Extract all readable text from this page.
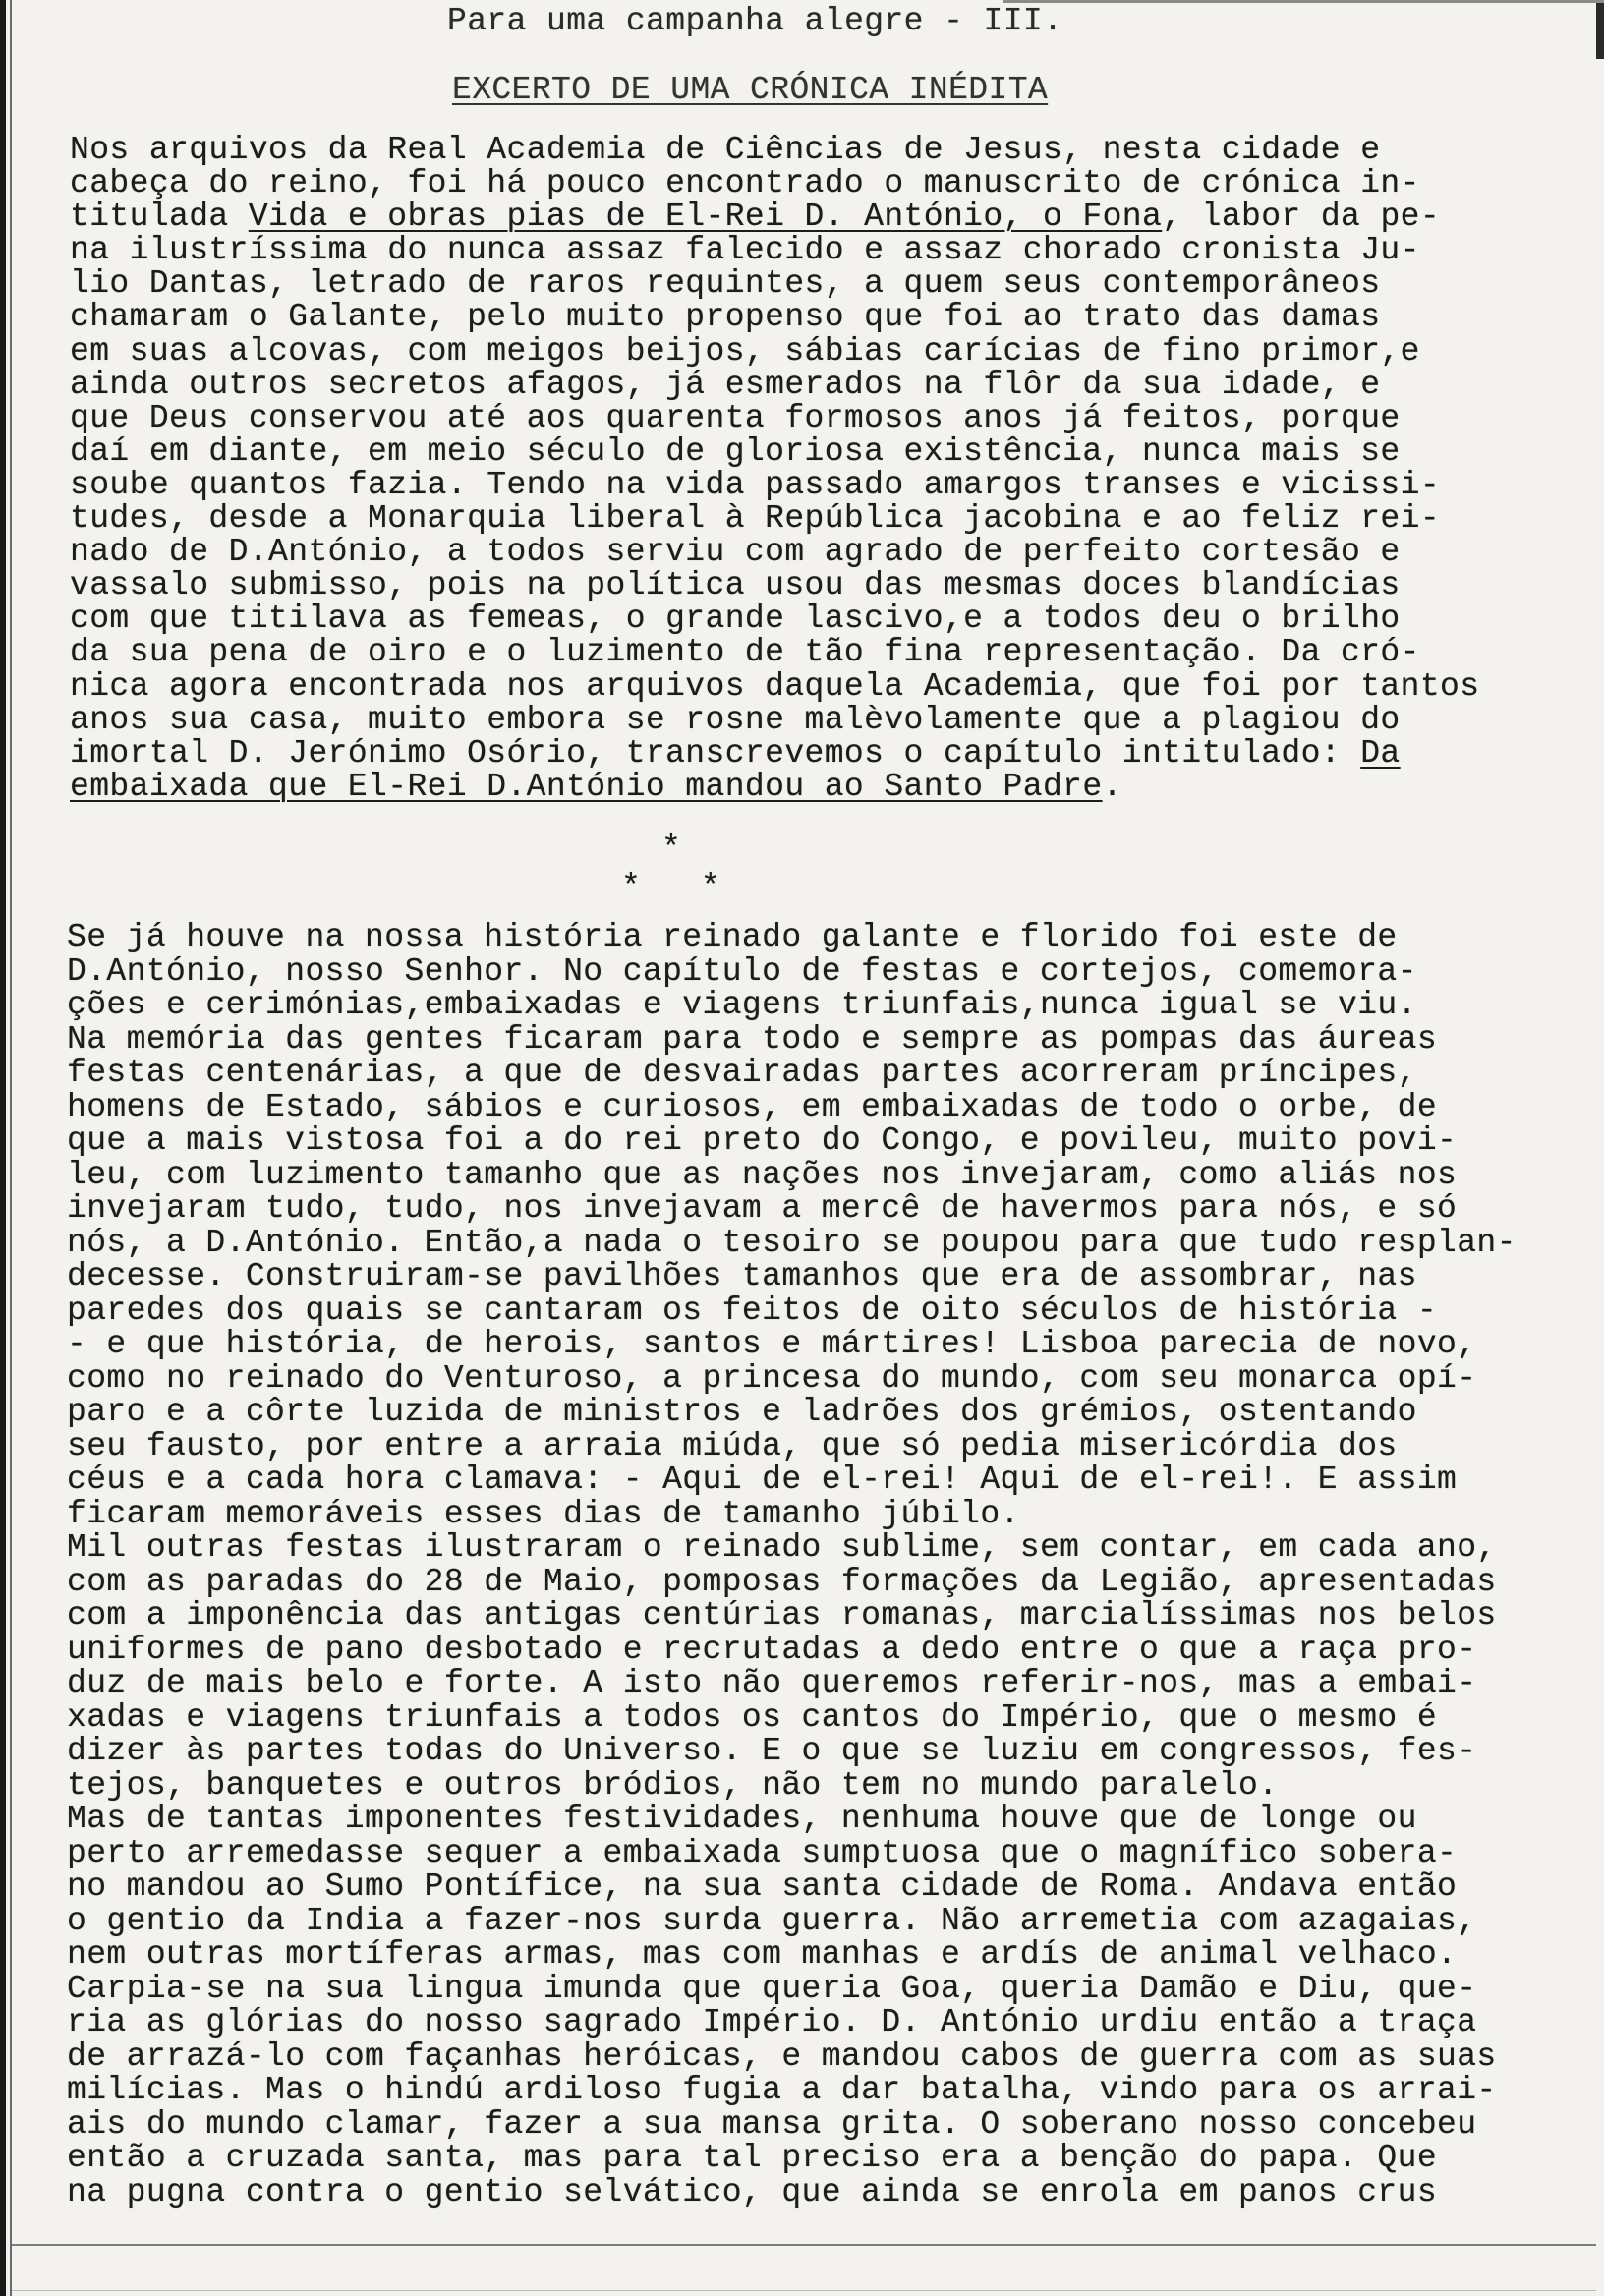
Para uma campanha alegre - III.
EXCERTO DE UMA CRÓNICA INÉDITA
Nos arquivos da Real Academia de Ciências de Jesus, nesta cidade e
cabeça do reino, foi há pouco encontrado o manuscrito de crónica in-
titulada Vida e obras pias de El-Rei D. António, o Fona, labor da pe-
na ilustríssima do nunca assaz falecido e assaz chorado cronista Ju-
lio Dantas, letrado de raros requintes, a quem seus contemporâneos
chamaram o Galante, pelo muito propenso que foi ao trato das damas
em suas alcovas, com meigos beijos, sábias carícias de fino primor,e
ainda outros secretos afagos, já esmerados na flôr da sua idade, e
que Deus conservou até aos quarenta formosos anos já feitos, porque
daí em diante, em meio século de gloriosa existência, nunca mais se
soube quantos fazia. Tendo na vida passado amargos transes e vicissi-
tudes, desde a Monarquia liberal à República jacobina e ao feliz rei-
nado de D.António, a todos serviu com agrado de perfeito cortesão e
vassalo submisso, pois na política usou das mesmas doces blandícias
com que titilava as femeas, o grande lascivo,e a todos deu o brilho
da sua pena de oiro e o luzimento de tão fina representação. Da cró-
nica agora encontrada nos arquivos daquela Academia, que foi por tantos
anos sua casa, muito embora se rosne malèvolamente que a plagiou do
imortal D. Jerónimo Osório, transcrevemos o capítulo intitulado: Da
embaixada que El-Rei D.António mandou ao Santo Padre.
*
*   *
Se já houve na nossa história reinado galante e florido foi este de
D.António, nosso Senhor. No capítulo de festas e cortejos, comemora-
ções e cerimónias,embaixadas e viagens triunfais,nunca igual se viu.
Na memória das gentes ficaram para todo e sempre as pompas das áureas
festas centenárias, a que de desvairadas partes acorreram príncipes,
homens de Estado, sábios e curiosos, em embaixadas de todo o orbe, de
que a mais vistosa foi a do rei preto do Congo, e povileu, muito povi-
leu, com luzimento tamanho que as nações nos invejaram, como aliás nos
invejaram tudo, tudo, nos invejavam a mercê de havermos para nós, e só
nós, a D.António. Então,a nada o tesoiro se poupou para que tudo resplan-
decesse. Construiram-se pavilhões tamanhos que era de assombrar, nas
paredes dos quais se cantaram os feitos de oito séculos de história -
- e que história, de herois, santos e mártires! Lisboa parecia de novo,
como no reinado do Venturoso, a princesa do mundo, com seu monarca opí-
paro e a côrte luzida de ministros e ladrões dos grémios, ostentando
seu fausto, por entre a arraia miúda, que só pedia misericórdia dos
céus e a cada hora clamava: - Aqui de el-rei! Aqui de el-rei!. E assim
ficaram memoráveis esses dias de tamanho júbilo.
Mil outras festas ilustraram o reinado sublime, sem contar, em cada ano,
com as paradas do 28 de Maio, pomposas formações da Legião, apresentadas
com a imponência das antigas centúrias romanas, marcialíssimas nos belos
uniformes de pano desbotado e recrutadas a dedo entre o que a raça pro-
duz de mais belo e forte. A isto não queremos referir-nos, mas a embai-
xadas e viagens triunfais a todos os cantos do Império, que o mesmo é
dizer às partes todas do Universo. E o que se luziu em congressos, fes-
tejos, banquetes e outros bródios, não tem no mundo paralelo.
Mas de tantas imponentes festividades, nenhuma houve que de longe ou
perto arremedasse sequer a embaixada sumptuosa que o magnífico sobera-
no mandou ao Sumo Pontífice, na sua santa cidade de Roma. Andava então
o gentio da India a fazer-nos surda guerra. Não arremetia com azagaias,
nem outras mortíferas armas, mas com manhas e ardís de animal velhaco.
Carpia-se na sua lingua imunda que queria Goa, queria Damão e Diu, que-
ria as glórias do nosso sagrado Império. D. António urdiu então a traça
de arrazá-lo com façanhas heróicas, e mandou cabos de guerra com as suas
milícias. Mas o hindú ardiloso fugia a dar batalha, vindo para os arrai-
ais do mundo clamar, fazer a sua mansa grita. O soberano nosso concebeu
então a cruzada santa, mas para tal preciso era a benção do papa. Que
na pugna contra o gentio selvático, que ainda se enrola em panos crus
